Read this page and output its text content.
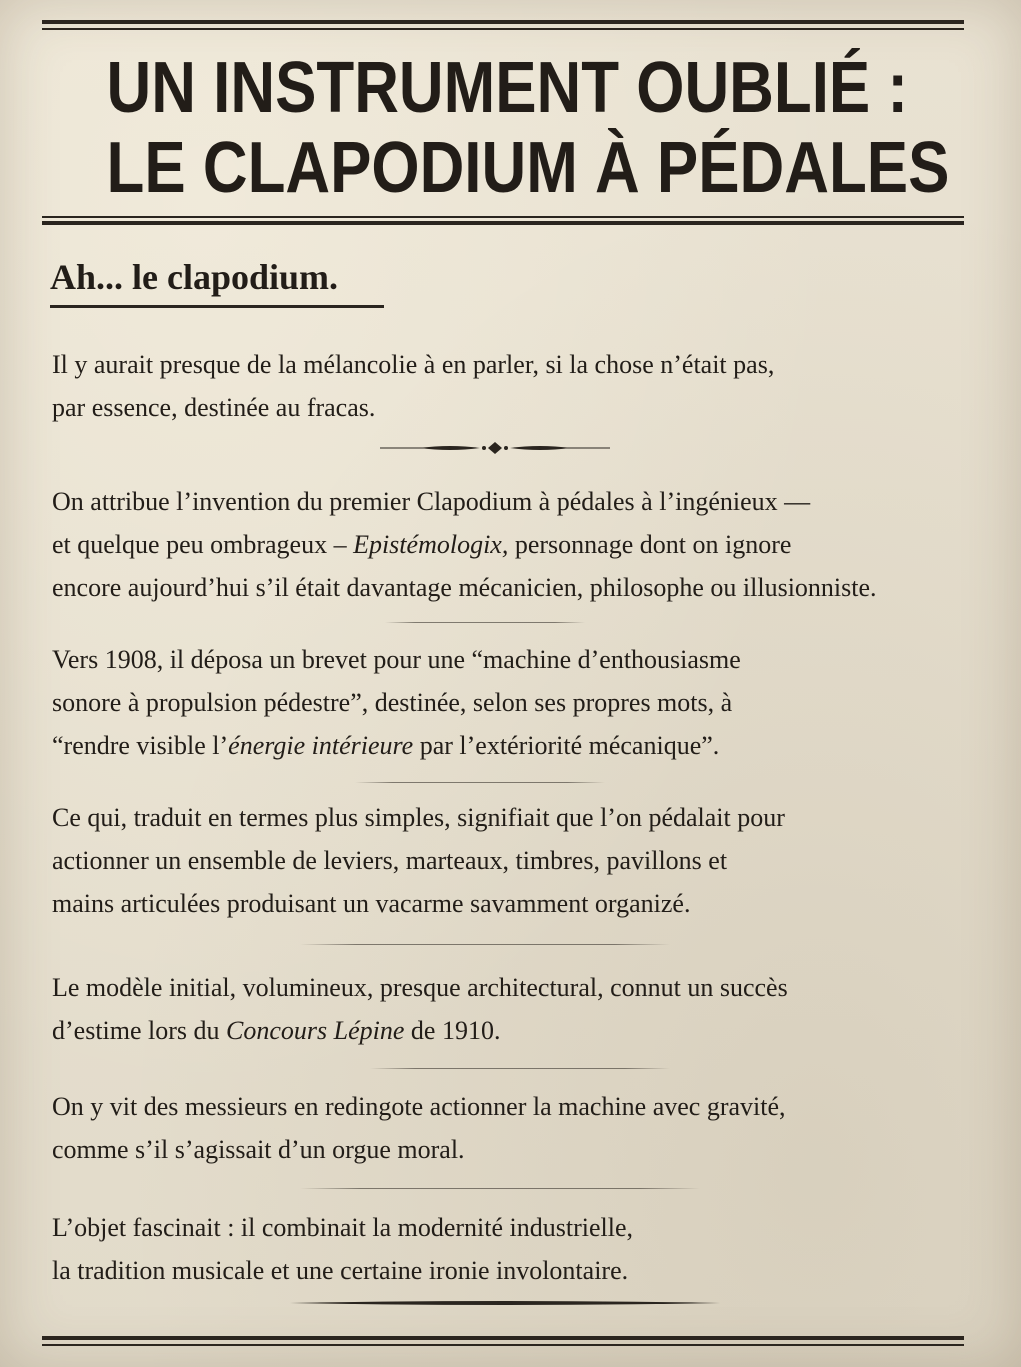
UN INSTRUMENT OUBLIÉ :
LE CLAPODIUM À PÉDALES
Ah... le clapodium.
Il y aurait presque de la mélancolie à en parler, si la chose n’était pas,
par essence, destinée au fracas.
On attribue l’invention du premier Clapodium à pédales à l’ingénieux —
et quelque peu ombrageux – Epistémologix, personnage dont on ignore
encore aujourd’hui s’il était davantage mécanicien, philosophe ou illusionniste.
Vers 1908, il déposa un brevet pour une “machine d’enthousiasme
sonore à propulsion pédestre”, destinée, selon ses propres mots, à
“rendre visible l’énergie intérieure par l’extériorité mécanique”.
Ce qui, traduit en termes plus simples, signifiait que l’on pédalait pour
actionner un ensemble de leviers, marteaux, timbres, pavillons et
mains articulées produisant un vacarme savamment organizé.
Le modèle initial, volumineux, presque architectural, connut un succès
d’estime lors du Concours Lépine de 1910.
On y vit des messieurs en redingote actionner la machine avec gravité,
comme s’il s’agissait d’un orgue moral.
L’objet fascinait : il combinait la modernité industrielle,
la tradition musicale et une certaine ironie involontaire.
